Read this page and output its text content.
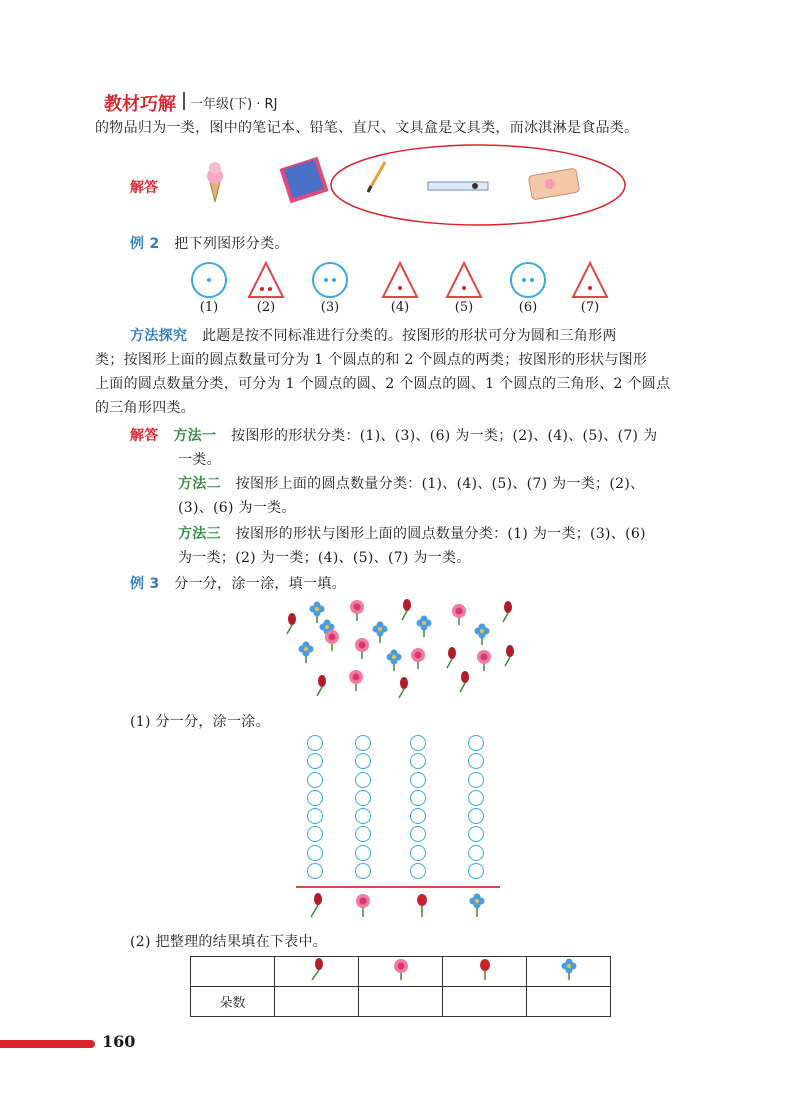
教材巧解 一年级(下) · RJ
的物品归为一类，图中的笔记本、铅笔、直尺、文具盒是文具类，而冰淇淋是食品类。
解答
例 2 把下列图形分类。
(1)	(2)	(3)	(4)	(5)	(6)	(7)
方法探究 此题是按不同标准进行分类的。按图形的形状可分为圆和三角形两
类；按图形上面的圆点数量可分为 1 个圆点的和 2 个圆点的两类；按图形的形状与图形
上面的圆点数量分类，可分为 1 个圆点的圆、2 个圆点的圆、1 个圆点的三角形、2 个圆点
的三角形四类。
解答 方法一 按图形的形状分类：(1)、(3)、(6) 为一类；(2)、(4)、(5)、(7) 为
一类。
方法二 按图形上面的圆点数量分类：(1)、(4)、(5)、(7) 为一类；(2)、
(3)、(6) 为一类。
方法三 按图形的形状与图形上面的圆点数量分类：(1) 为一类；(3)、(6)
为一类；(2) 为一类；(4)、(5)、(7) 为一类。
例 3 分一分，涂一涂，填一填。
(1) 分一分，涂一涂。
(2) 把整理的结果填在下表中。

朵数				
160
